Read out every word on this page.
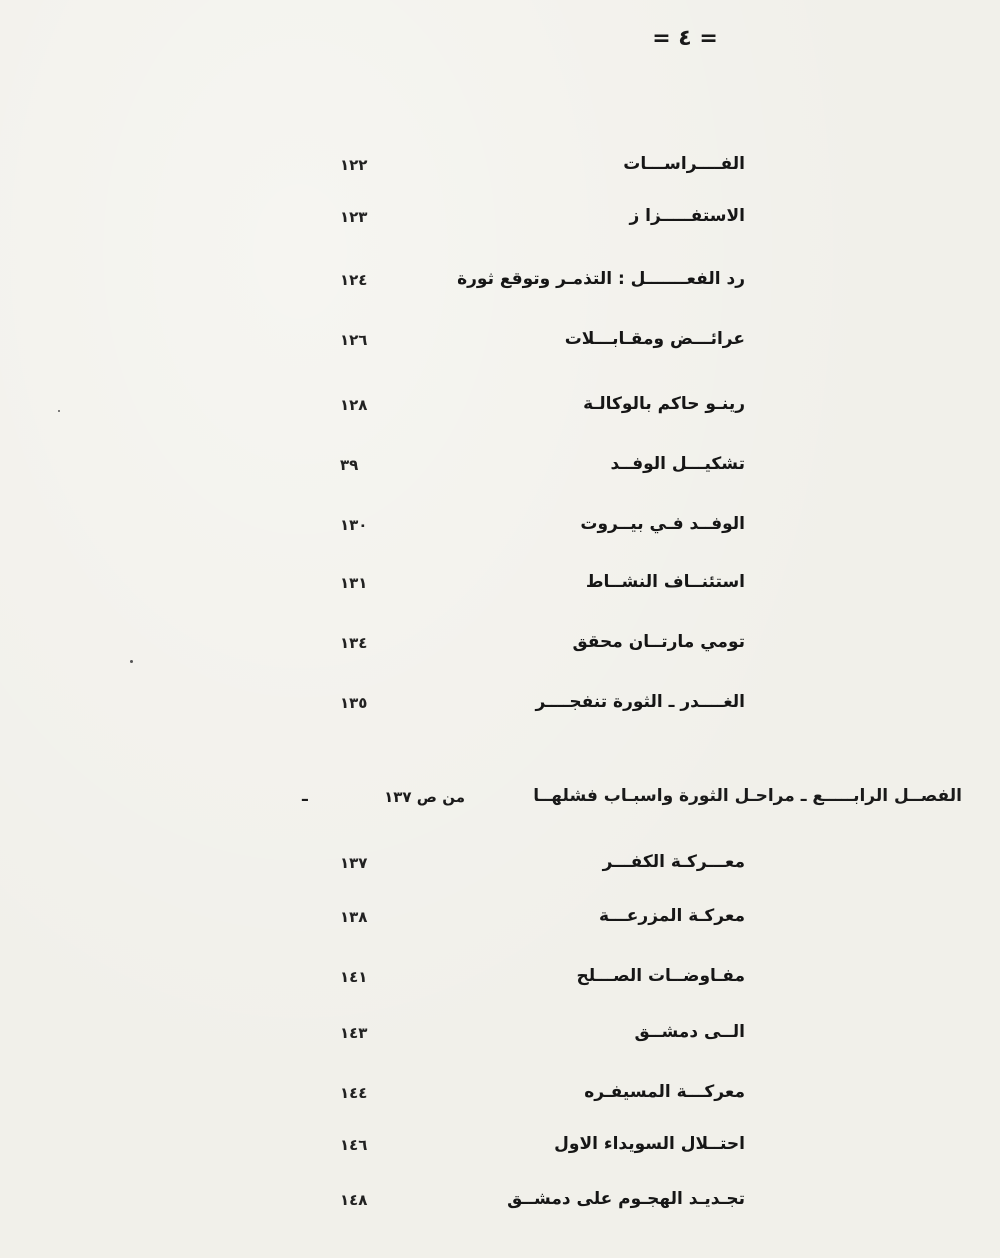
= ٤ =
الفــــراســـات
١٢٢
الاستفـــــزا ز
١٢٣
رد الفعـــــــل : التذمـر وتوقع ثورة
١٢٤
عرائـــض ومقـابـــلات
١٢٦
رينـو حاكم بالوكالـة
١٢٨
تشكيـــل الوفــد
٣٩
الوفــد فـي بيــروت
١٣٠
استئنــاف النشــاط
١٣١
تومي مارتــان محقق
١٣٤
الغــــدر ـ الثورة تنفجــــر
١٣٥
الفصــل الرابـــــع ـ مراحـل الثورة واسبـاب فشلهــا
من ص ١٣٧
ـ
معـــركـة الكفـــر
١٣٧
معركـة المزرعـــة
١٣٨
مفـاوضــات الصـــلح
١٤١
الــى دمشــق
١٤٣
معركـــة المسيفـره
١٤٤
احتــلال السويداء الاول
١٤٦
تجـديـد الهجـوم على دمشــق
١٤٨
